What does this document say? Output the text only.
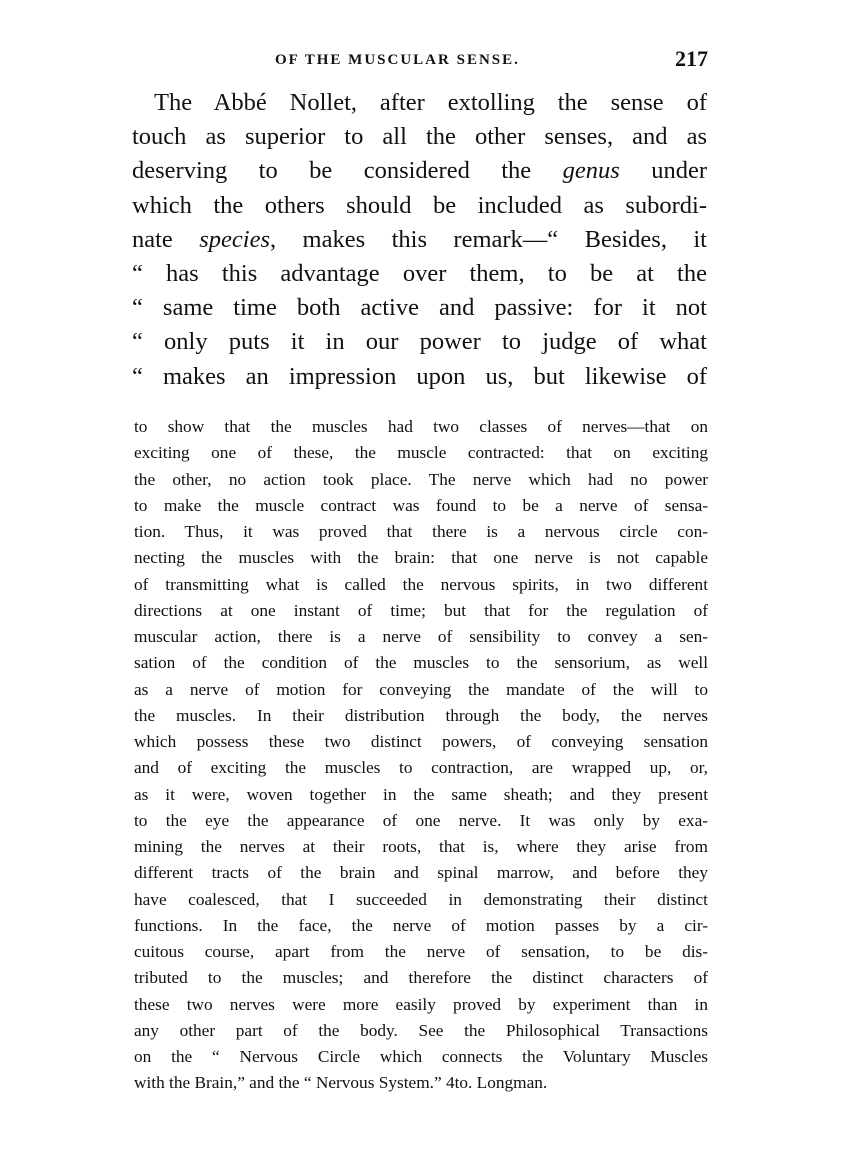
OF THE MUSCULAR SENSE.	217
The Abbé Nollet, after extolling the sense of
touch as superior to all the other senses, and as
deserving to be considered the genus under
which the others should be included as subordi-
nate species, makes this remark—“ Besides, it
“ has this advantage over them, to be at the
“ same time both active and passive: for it not
“ only puts it in our power to judge of what
“ makes an impression upon us, but likewise of
to show that the muscles had two classes of nerves—that on
exciting one of these, the muscle contracted: that on exciting
the other, no action took place. The nerve which had no power
to make the muscle contract was found to be a nerve of sensa-
tion. Thus, it was proved that there is a nervous circle con-
necting the muscles with the brain: that one nerve is not capable
of transmitting what is called the nervous spirits, in two different
directions at one instant of time; but that for the regulation of
muscular action, there is a nerve of sensibility to convey a sen-
sation of the condition of the muscles to the sensorium, as well
as a nerve of motion for conveying the mandate of the will to
the muscles. In their distribution through the body, the nerves
which possess these two distinct powers, of conveying sensation
and of exciting the muscles to contraction, are wrapped up, or,
as it were, woven together in the same sheath; and they present
to the eye the appearance of one nerve. It was only by exa-
mining the nerves at their roots, that is, where they arise from
different tracts of the brain and spinal marrow, and before they
have coalesced, that I succeeded in demonstrating their distinct
functions. In the face, the nerve of motion passes by a cir-
cuitous course, apart from the nerve of sensation, to be dis-
tributed to the muscles; and therefore the distinct characters of
these two nerves were more easily proved by experiment than in
any other part of the body. See the Philosophical Transactions
on the “ Nervous Circle which connects the Voluntary Muscles
with the Brain,” and the “ Nervous System.” 4to. Longman.
